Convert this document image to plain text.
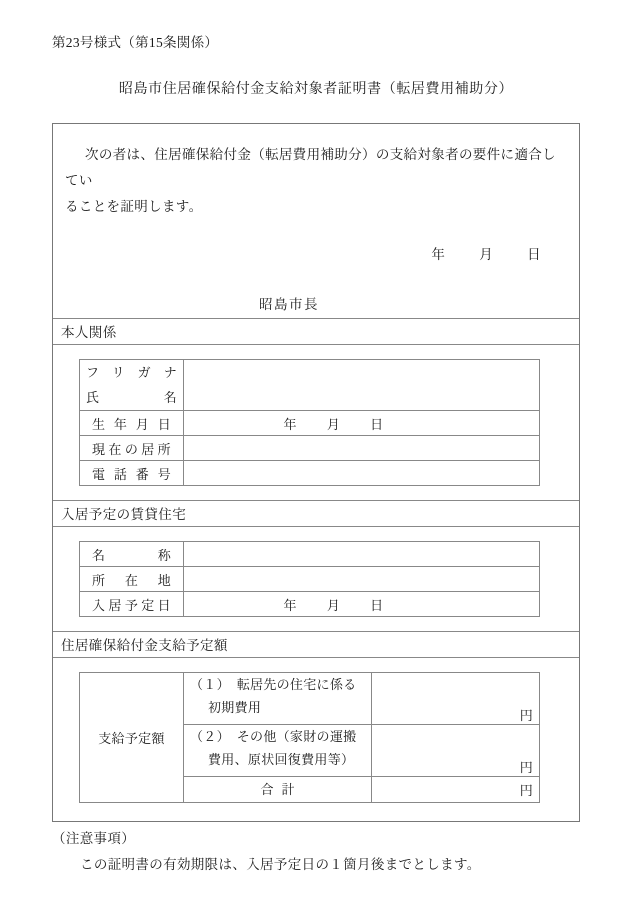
第23号様式（第15条関係）
昭島市住居確保給付金支給対象者証明書（転居費用補助分）
次の者は、住居確保給付金（転居費用補助分）の支給対象者の要件に適合してい
ることを証明します。
年	月	日
昭島市長
本人関係
フリガナ
氏　　名	

生年月日	年 月 日

現在の居所	

電話番号	

入居予定の賃貸住宅
名　　称	

所 在 地	

入居予定日	年 月 日
住居確保給付金支給予定額
支給予定額	（１）　 転居先の住宅に係る
初期費用	円
	（２）　 その他（家財の運搬
費用、原状回復費用等）	円
	合計	円
（注意事項）
この証明書の有効期限は、入居予定日の１箇月後までとします。
